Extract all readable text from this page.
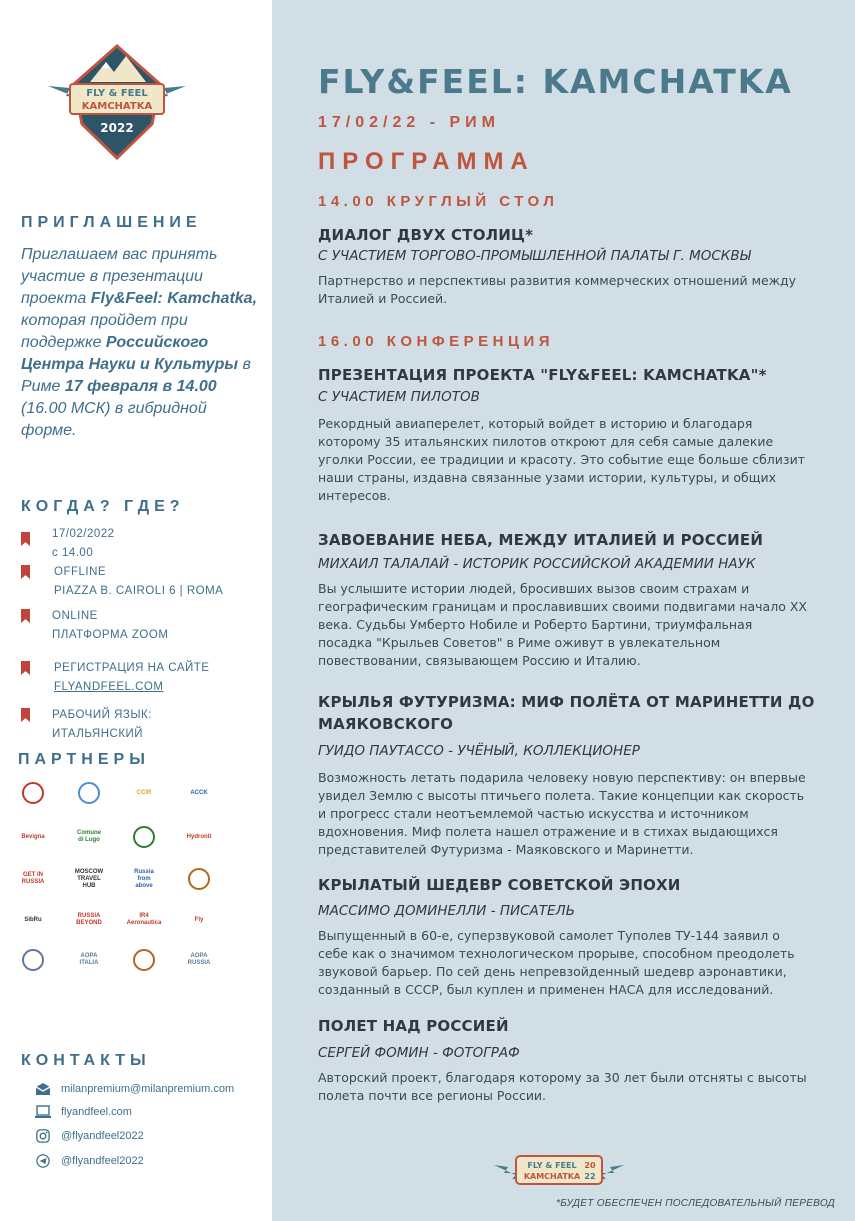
FLY & FEEL
KAMCHATKA
2022
ПРИГЛАШЕНИЕ
Приглашаем вас принять участие в презентации проекта Fly&Feel: Kamchatka, которая пройдет при поддержке Российского Центра Науки и Культуры в Риме 17 февраля в 14.00 (16.00 МСК) в гибридной форме.
КОГДА? ГДЕ?
17/02/2022
с 14.00
OFFLINE
PIAZZA B. CAIROLI 6 | ROMA
ONLINE
ПЛАТФОРМА ZOOM
РЕГИСТРАЦИЯ НА САЙТЕ
FLYANDFEEL.COM
РАБОЧИЙ ЯЗЫК:
ИТАЛЬЯНСКИЙ
ПАРТНЕРЫ
CCIR	ACCK
Bevigna
Comune di Lugo
Hydronit
GET IN RUSSIA
MOSCOW TRAVEL HUB
Russia from above
SibRu
RUSSIA BEYOND
IR4 Aeronautica
Fly
AOPA ITALIA
AOPA RUSSIA
КОНТАКТЫ
milanpremium@milanpremium.com
flyandfeel.com
@flyandfeel2022
@flyandfeel2022
FLY&FEEL: KAMCHATKA
17/02/22 - РИМ
ПРОГРАММА
14.00 КРУГЛЫЙ СТОЛ
ДИАЛОГ ДВУХ СТОЛИЦ*
С УЧАСТИЕМ ТОРГОВО-ПРОМЫШЛЕННОЙ ПАЛАТЫ Г. МОСКВЫ
Партнерство и перспективы развития коммерческих отношений между Италией и Россией.
16.00 КОНФЕРЕНЦИЯ
ПРЕЗЕНТАЦИЯ ПРОЕКТА "FLY&FEEL: KAMCHATKA"*
С УЧАСТИЕМ ПИЛОТОВ
Рекордный авиаперелет, который войдет в историю и благодаря которому 35 итальянских пилотов откроют для себя самые далекие уголки России, ее традиции и красоту. Это событие еще больше сблизит наши страны, издавна связанные узами истории, культуры, и общих интересов.
ЗАВОЕВАНИЕ НЕБА, МЕЖДУ ИТАЛИЕЙ И РОССИЕЙ
МИХАИЛ ТАЛАЛАЙ - ИСТОРИК РОССИЙСКОЙ АКАДЕМИИ НАУК
Вы услышите истории людей, бросивших вызов своим страхам и географическим границам и прославивших своими подвигами начало XX века. Судьбы Умберто Нобиле и Роберто Бартини, триумфальная посадка "Крыльев Советов" в Риме оживут в увлекательном повествовании, связывающем Россию и Италию.
КРЫЛЬЯ ФУТУРИЗМА: МИФ ПОЛЁТА ОТ МАРИНЕТТИ ДО МАЯКОВСКОГО
ГУИДО ПАУТАССО - УЧЁНЫЙ, КОЛЛЕКЦИОНЕР
Возможность летать подарила человеку новую перспективу: он впервые увидел Землю с высоты птичьего полета. Такие концепции как скорость и прогресс стали неотъемлемой частью искусства и источником вдохновения. Миф полета нашел отражение и в стихах выдающихся представителей Футуризма - Маяковского и Маринетти.
КРЫЛАТЫЙ ШЕДЕВР СОВЕТСКОЙ ЭПОХИ
МАССИМО ДОМИНЕЛЛИ - ПИСАТЕЛЬ
Выпущенный в 60-е, суперзвуковой самолет Туполев ТУ-144 заявил о себе как о значимом технологическом прорыве, способном преодолеть звуковой барьер. По сей день непревзойденный шедевр аэронавтики, созданный в СССР, был куплен и применен НАСА для исследований.
ПОЛЕТ НАД РОССИЕЙ
СЕРГЕЙ ФОМИН - ФОТОГРАФ
Авторский проект, благодаря которому за 30 лет были отсняты с высоты полета почти все регионы России.
FLY & FEEL
KAMCHATKA
20
22
*БУДЕТ ОБЕСПЕЧЕН ПОСЛЕДОВАТЕЛЬНЫЙ ПЕРЕВОД
